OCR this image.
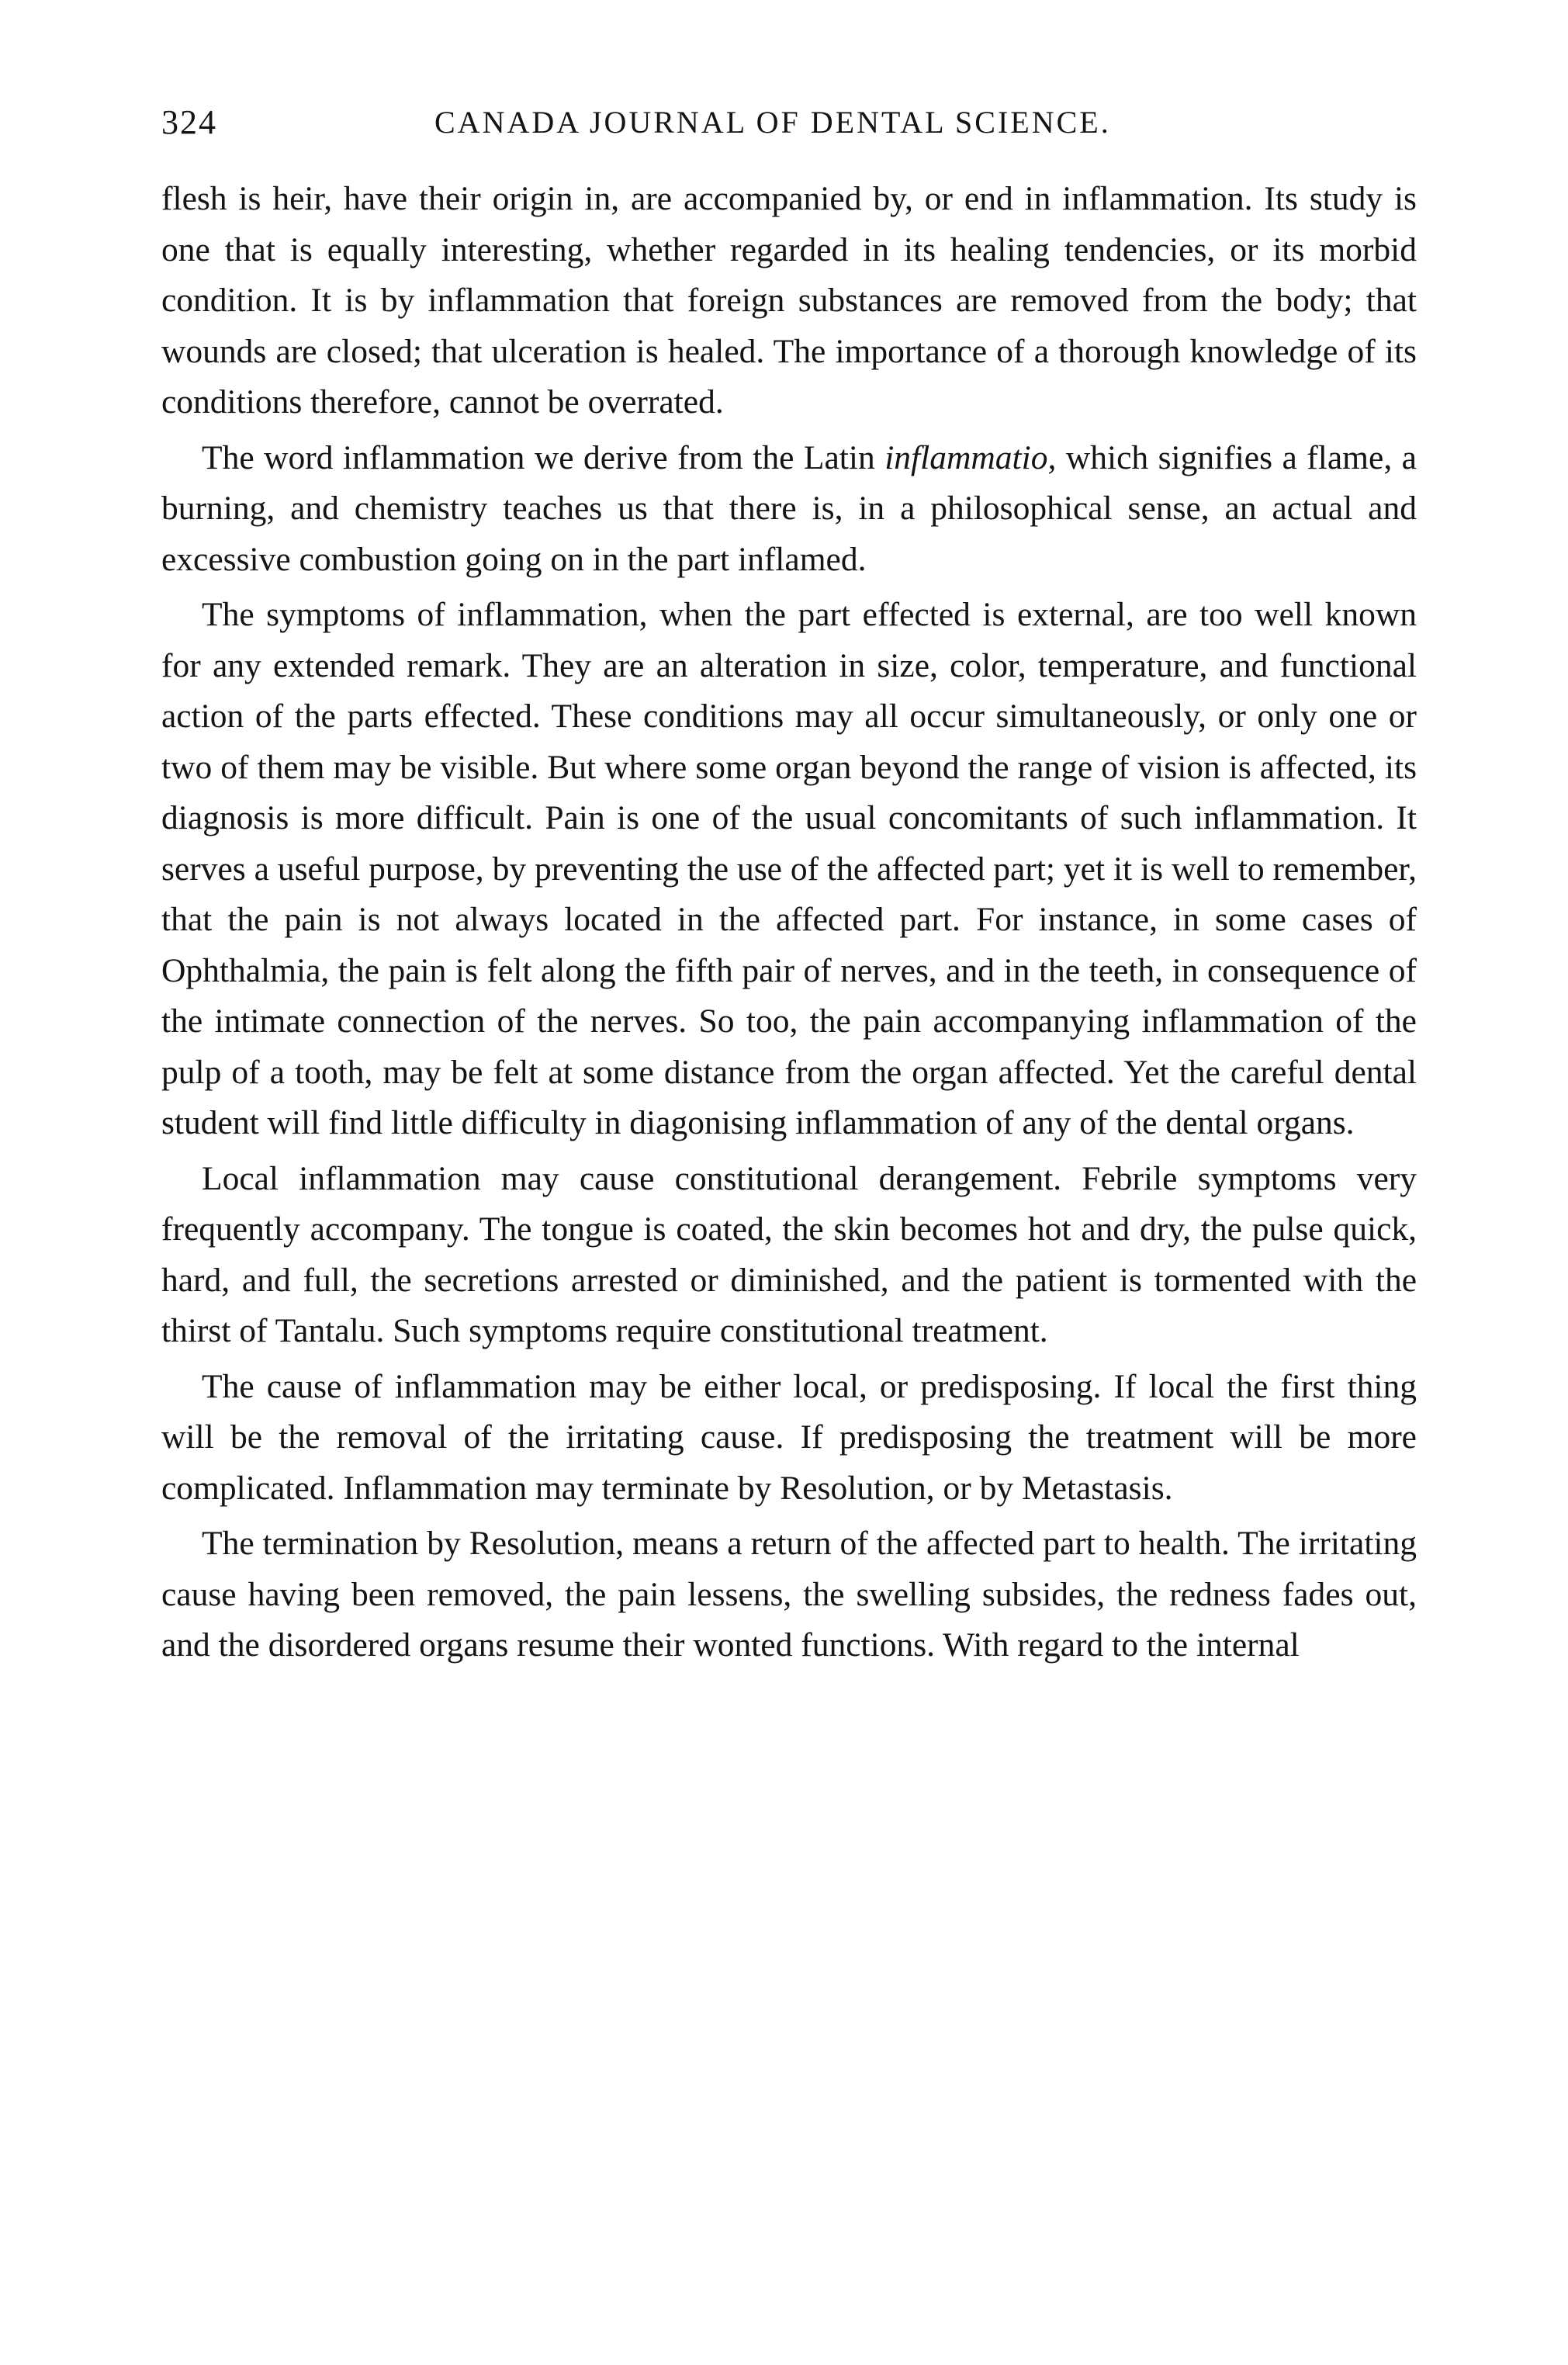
324	CANADA JOURNAL OF DENTAL SCIENCE.

flesh is heir, have their origin in, are accompanied by, or end in inflammation. Its study is one that is equally interesting, whether regarded in its healing tendencies, or its morbid condition. It is by inflammation that foreign substances are removed from the body; that wounds are closed; that ulceration is healed. The importance of a thorough knowledge of its conditions therefore, cannot be overrated.

The word inflammation we derive from the Latin inflammatio, which signifies a flame, a burning, and chemistry teaches us that there is, in a philosophical sense, an actual and excessive combustion going on in the part inflamed.

The symptoms of inflammation, when the part effected is external, are too well known for any extended remark. They are an alteration in size, color, temperature, and functional action of the parts effected. These conditions may all occur simultaneously, or only one or two of them may be visible. But where some organ beyond the range of vision is affected, its diagnosis is more difficult. Pain is one of the usual concomitants of such inflammation. It serves a useful purpose, by preventing the use of the affected part; yet it is well to remember, that the pain is not always located in the affected part. For instance, in some cases of Ophthalmia, the pain is felt along the fifth pair of nerves, and in the teeth, in consequence of the intimate connection of the nerves. So too, the pain accompanying inflammation of the pulp of a tooth, may be felt at some distance from the organ affected. Yet the careful dental student will find little difficulty in diagonising inflammation of any of the dental organs.

Local inflammation may cause constitutional derangement. Febrile symptoms very frequently accompany. The tongue is coated, the skin becomes hot and dry, the pulse quick, hard, and full, the secretions arrested or diminished, and the patient is tormented with the thirst of Tantalu. Such symptoms require constitutional treatment.

The cause of inflammation may be either local, or predisposing. If local the first thing will be the removal of the irritating cause. If predisposing the treatment will be more complicated. Inflammation may terminate by Resolution, or by Metastasis.

The termination by Resolution, means a return of the affected part to health. The irritating cause having been removed, the pain lessens, the swelling subsides, the redness fades out, and the disordered organs resume their wonted functions. With regard to the internal
